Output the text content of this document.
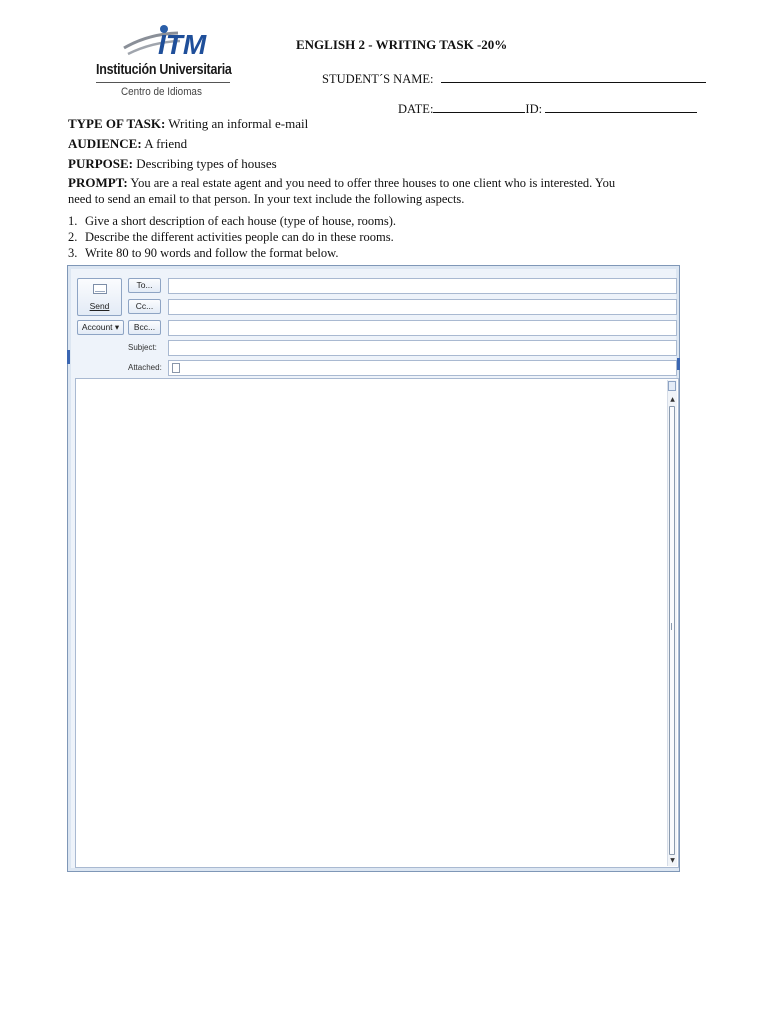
ITM
Institución Universitaria
Centro de Idiomas
ENGLISH 2 - WRITING TASK -20%
STUDENT´S NAME:
DATE:	ID:
TYPE OF TASK: Writing an informal e-mail
AUDIENCE: A friend
PURPOSE: Describing types of houses
PROMPT: You are a real estate agent and you need to offer three houses to one client who is interested. You
need to send an email to that person. In your text include the following aspects.
1. Give a short description of each house (type of house, rooms).
2. Describe the different activities people can do in these rooms.
3. Write 80 to 90 words and follow the format below.
Send
To...
Cc...
Bcc...
Account ▾
Subject:
Attached:
▲
▼
